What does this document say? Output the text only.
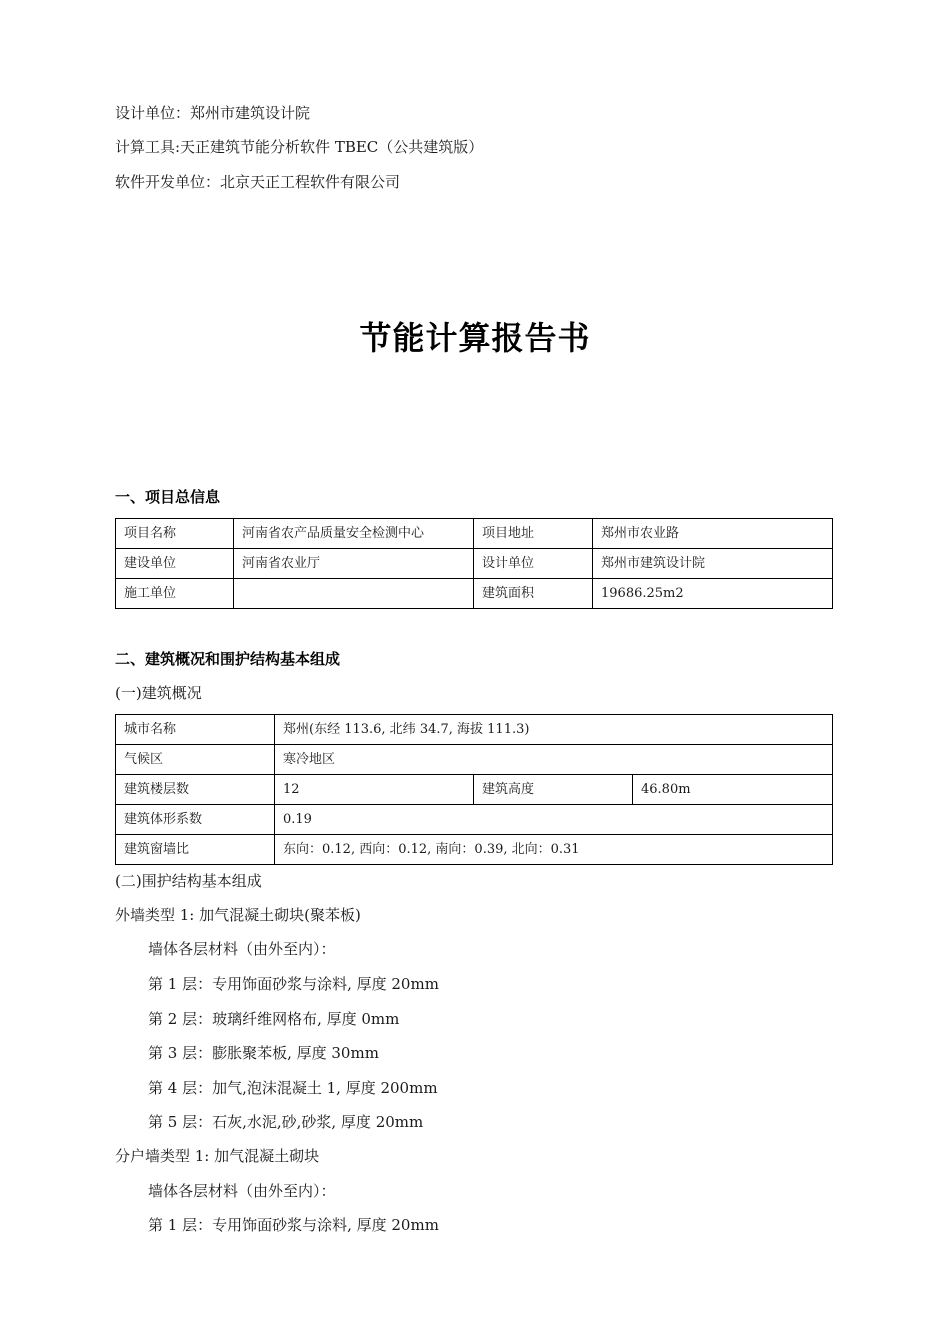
设计单位：郑州市建筑设计院
计算工具:天正建筑节能分析软件 TBEC（公共建筑版）
软件开发单位：北京天正工程软件有限公司
节能计算报告书
一、项目总信息
项目名称	河南省农产品质量安全检测中心	项目地址	郑州市农业路
建设单位	河南省农业厅	设计单位	郑州市建筑设计院
施工单位		建筑面积	19686.25m2
二、建筑概况和围护结构基本组成
(一)建筑概况
城市名称	郑州(东经 113.6, 北纬 34.7, 海拔 111.3)		
气候区	寒冷地区		
建筑楼层数	12	建筑高度	46.80m
建筑体形系数	0.19		
建筑窗墙比	东向：0.12, 西向：0.12, 南向：0.39, 北向：0.31		
(二)围护结构基本组成
外墙类型 1: 加气混凝土砌块(聚苯板)
墙体各层材料（由外至内）：
第 1 层：专用饰面砂浆与涂料, 厚度 20mm
第 2 层：玻璃纤维网格布, 厚度 0mm
第 3 层：膨胀聚苯板, 厚度 30mm
第 4 层：加气,泡沫混凝土 1, 厚度 200mm
第 5 层：石灰,水泥,砂,砂浆, 厚度 20mm
分户墙类型 1: 加气混凝土砌块
墙体各层材料（由外至内）：
第 1 层：专用饰面砂浆与涂料, 厚度 20mm
